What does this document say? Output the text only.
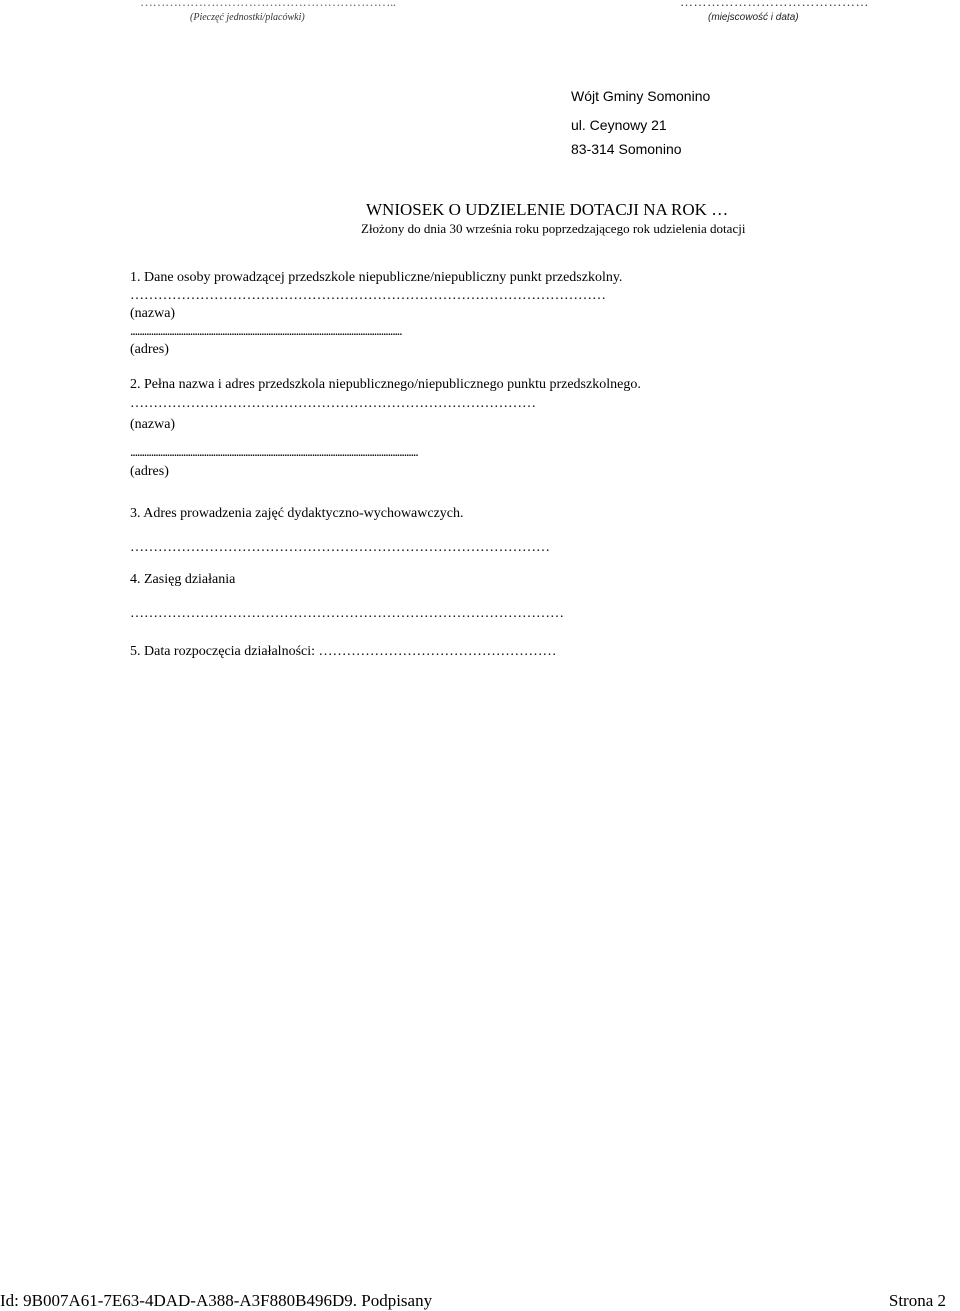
……………………………………………………..
(Pieczęć jednostki/placówki)
……………………………………
(miejscowość i data)
Wójt Gminy Somonino
ul. Ceynowy 21
83-314 Somonino
WNIOSEK O UDZIELENIE DOTACJI NA ROK …
Złożony do dnia 30 września roku poprzedzającego rok udzielenia dotacji
1. Dane osoby prowadzącej przedszkole niepubliczne/niepubliczny punkt przedszkolny.
…………………………………………………………………………………………
(nazwa)
......................................................................................................................
(adres)
2. Pełna nazwa i adres przedszkola niepublicznego/niepublicznego punktu przedszkolnego.
……………………………………………………………………………
(nazwa)
.............................................................................................................................
(adres)
3. Adres prowadzenia zajęć dydaktyczno-wychowawczych.
………………………………………………………………………………
4. Zasięg działania
…………………………………………………………………………………
5. Data rozpoczęcia działalności: ……………………………………………
Id: 9B007A61-7E63-4DAD-A388-A3F880B496D9. Podpisany	Strona 2
